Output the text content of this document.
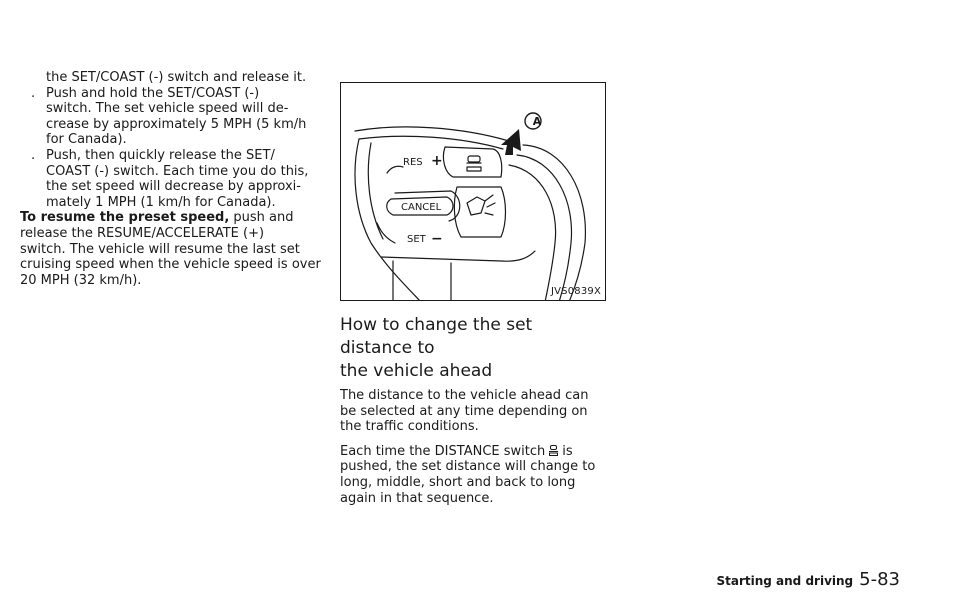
the SET/COAST (-) switch and release it.

. Push and hold the SET/COAST (-)

switch. The set vehicle speed will de-

crease by approximately 5 MPH (5 km/h

for Canada).

. Push, then quickly release the SET/

COAST (-) switch. Each time you do this,

the set speed will decrease by approxi-

mately 1 MPH (1 km/h for Canada).

To resume the preset speed, push and

release the RESUME/ACCELERATE (+)

switch. The vehicle will resume the last set

cruising speed when the vehicle speed is over

20 MPH (32 km/h).

A
RES +
CANCEL
SET −
JVS0839X
How to change the set distance to
the vehicle ahead

The distance to the vehicle ahead can be selected at any time depending on the traffic conditions.

Each time the DISTANCE switch is pushed, the set distance will change to long, middle, short and back to long again in that sequence.

Starting and driving 5-83
